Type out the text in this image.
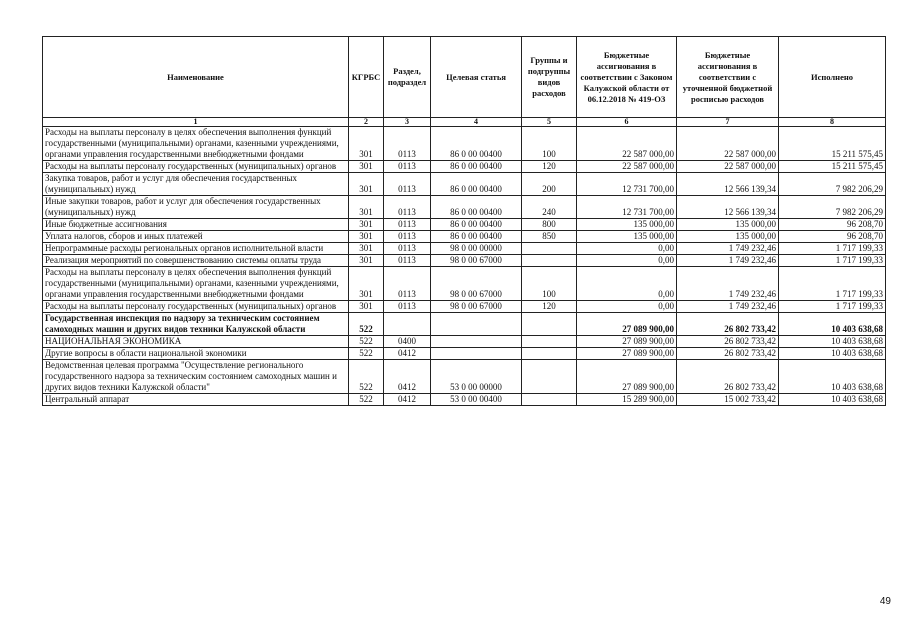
Наименование	КГРБС	Раздел, подраздел	Целевая статья	Группы и подгруппы видов расходов	Бюджетные ассигнования в соответствии с Законом Калужской области от 06.12.2018 № 419-ОЗ	Бюджетные ассигнования в соответствии с уточненной бюджетной росписью расходов	Исполнено
1	2	3	4	5	6	7	8
Расходы на выплаты персоналу в целях обеспечения выполнения функций государственными (муниципальными) органами, казенными учреждениями, органами управления государственными внебюджетными фондами	301	0113	86 0 00 00400	100	22 587 000,00	22 587 000,00	15 211 575,45
Расходы на выплаты персоналу государственных (муниципальных) органов	301	0113	86 0 00 00400	120	22 587 000,00	22 587 000,00	15 211 575,45
Закупка товаров, работ и услуг для обеспечения государственных (муниципальных) нужд	301	0113	86 0 00 00400	200	12 731 700,00	12 566 139,34	7 982 206,29
Иные закупки товаров, работ и услуг для обеспечения государственных (муниципальных) нужд	301	0113	86 0 00 00400	240	12 731 700,00	12 566 139,34	7 982 206,29
Иные бюджетные ассигнования	301	0113	86 0 00 00400	800	135 000,00	135 000,00	96 208,70
Уплата налогов, сборов и иных платежей	301	0113	86 0 00 00400	850	135 000,00	135 000,00	96 208,70
Непрограммные расходы региональных органов исполнительной власти	301	0113	98 0 00 00000		0,00	1 749 232,46	1 717 199,33
Реализация мероприятий по совершенствованию системы оплаты труда	301	0113	98 0 00 67000		0,00	1 749 232,46	1 717 199,33
Расходы на выплаты персоналу в целях обеспечения выполнения функций государственными (муниципальными) органами, казенными учреждениями, органами управления государственными внебюджетными фондами	301	0113	98 0 00 67000	100	0,00	1 749 232,46	1 717 199,33
Расходы на выплаты персоналу государственных (муниципальных) органов	301	0113	98 0 00 67000	120	0,00	1 749 232,46	1 717 199,33
Государственная инспекция по надзору за техническим состоянием самоходных машин и других видов техники Калужской области	522				27 089 900,00	26 802 733,42	10 403 638,68
НАЦИОНАЛЬНАЯ ЭКОНОМИКА	522	0400			27 089 900,00	26 802 733,42	10 403 638,68
Другие вопросы в области национальной экономики	522	0412			27 089 900,00	26 802 733,42	10 403 638,68
Ведомственная целевая программа "Осуществление регионального государственного надзора за техническим состоянием самоходных машин и других видов техники Калужской области"	522	0412	53 0 00 00000		27 089 900,00	26 802 733,42	10 403 638,68
Центральный аппарат	522	0412	53 0 00 00400		15 289 900,00	15 002 733,42	10 403 638,68
49
